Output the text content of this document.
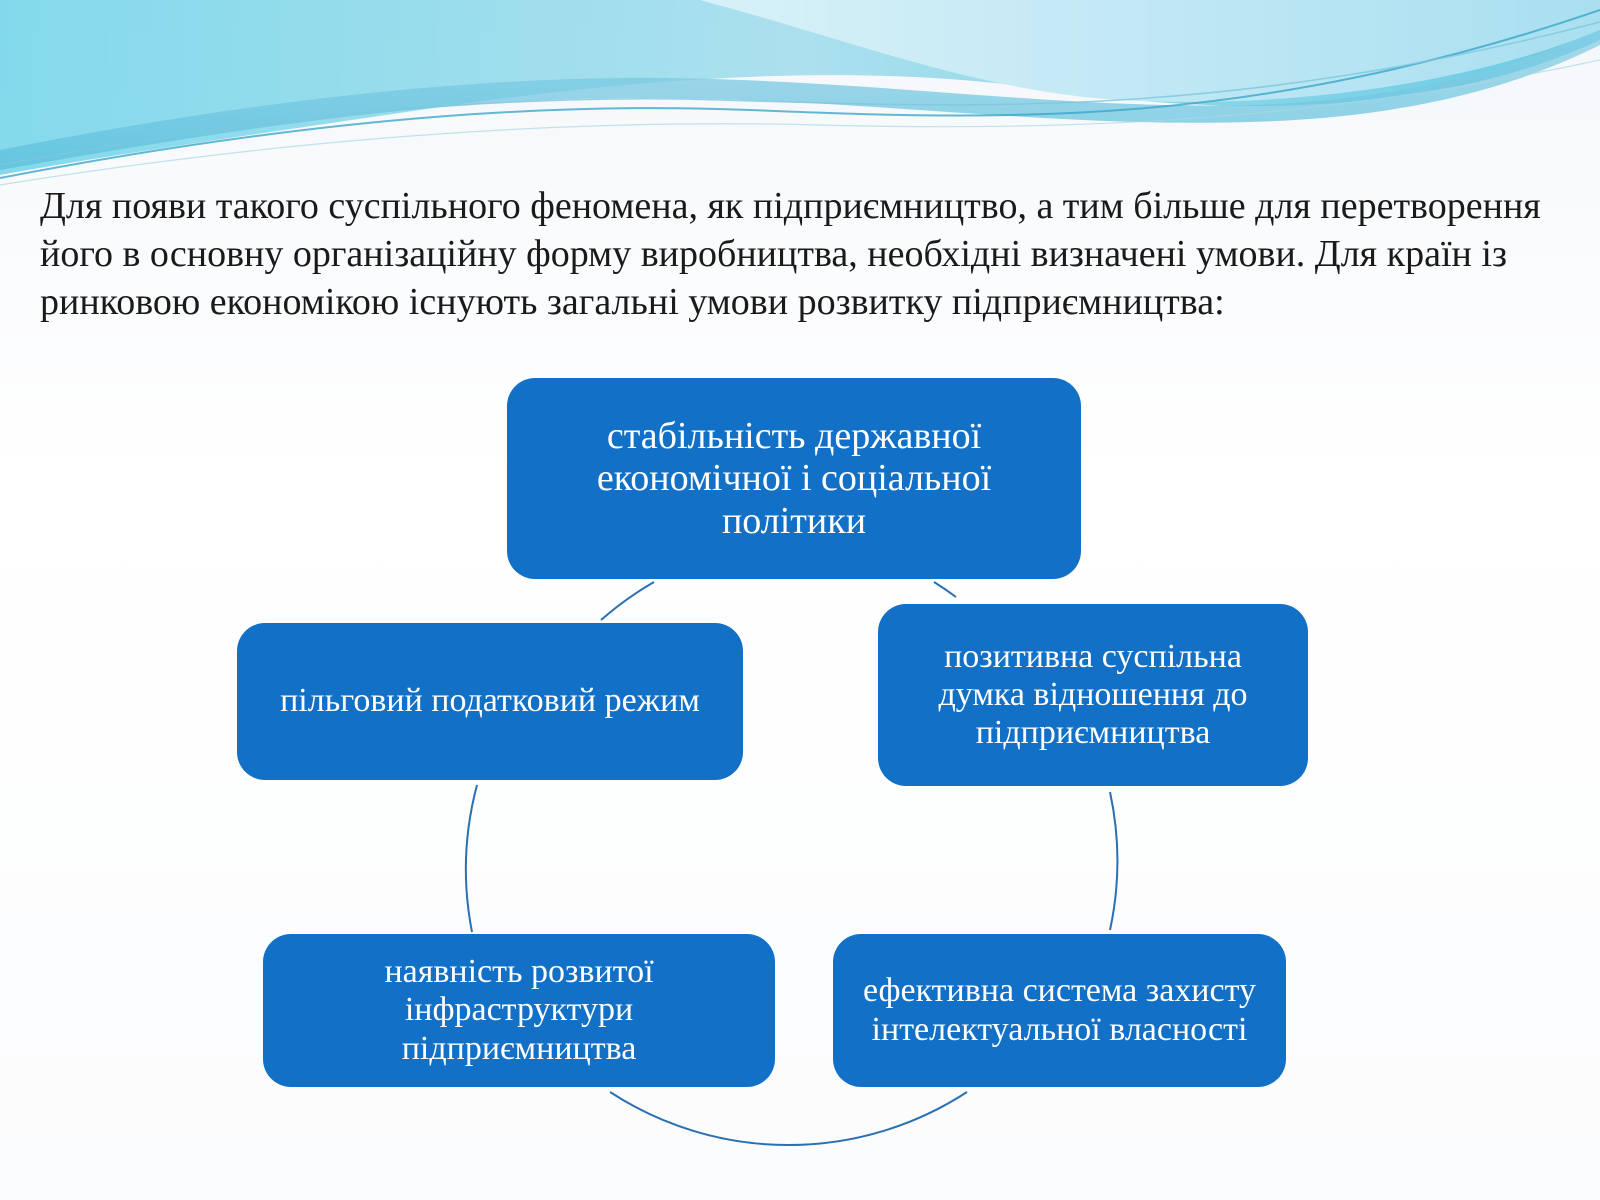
Для появи такого суспільного феномена, як підприємництво, а тим більше для перетворення його в основну організаційну форму виробництва, необхідні визначені умови. Для країн із ринковою економікою існують загальні умови розвитку підприємництва:

стабільність державної економічної і соціальної політики
позитивна суспільна думка відношення до підприємництва
ефективна система захисту інтелектуальної власності
наявність розвитої інфраструктури підприємництва
пільговий податковий режим
